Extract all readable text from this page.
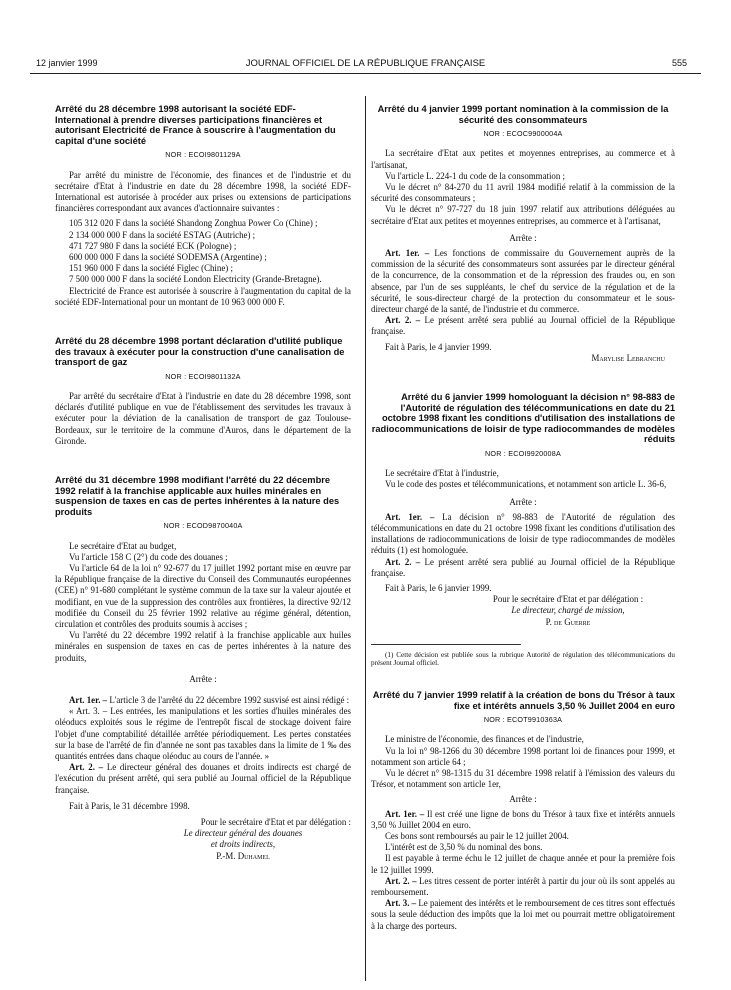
12 janvier 1999	JOURNAL OFFICIEL DE LA RÉPUBLIQUE FRANÇAISE	555
Arrêté du 28 décembre 1998 autorisant la société EDF-International à prendre diverses participations financières et autorisant Electricité de France à souscrire à l'augmentation du capital d'une société
NOR : ECOI9801129A

Par arrêté du ministre de l'économie, des finances et de l'industrie et du secrétaire d'Etat à l'industrie en date du 28 décembre 1998, la société EDF-International est autorisée à procéder aux prises ou extensions de participations financières correspondant aux avances d'actionnaire suivantes :

105 312 020 F dans la société Shandong Zonghua Power Co (Chine) ;

2 134 000 000 F dans la société ESTAG (Autriche) ;

471 727 980 F dans la société ECK (Pologne) ;

600 000 000 F dans la société SODEMSA (Argentine) ;

151 960 000 F dans la société Figlec (Chine) ;

7 500 000 000 F dans la société London Electricity (Grande-Bretagne).

Electricité de France est autorisée à souscrire à l'augmentation du capital de la société EDF-International pour un montant de 10 963 000 000 F.

Arrêté du 28 décembre 1998 portant déclaration d'utilité publique des travaux à exécuter pour la construction d'une canalisation de transport de gaz
NOR : ECOI9801132A

Par arrêté du secrétaire d'Etat à l'industrie en date du 28 décembre 1998, sont déclarés d'utilité publique en vue de l'établissement des servitudes les travaux à exécuter pour la déviation de la canalisation de transport de gaz Toulouse-Bordeaux, sur le territoire de la commune d'Auros, dans le département de la Gironde.

Arrêté du 31 décembre 1998 modifiant l'arrêté du 22 décembre 1992 relatif à la franchise applicable aux huiles minérales en suspension de taxes en cas de pertes inhérentes à la nature des produits
NOR : ECOD9870040A

Le secrétaire d'Etat au budget,

Vu l'article 158 C (2°) du code des douanes ;

Vu l'article 64 de la loi n° 92-677 du 17 juillet 1992 portant mise en œuvre par la République française de la directive du Conseil des Communautés européennes (CEE) n° 91-680 complétant le système commun de la taxe sur la valeur ajoutée et modifiant, en vue de la suppression des contrôles aux frontières, la directive 92/12 modifiée du Conseil du 25 février 1992 relative au régime général, détention, circulation et contrôles des produits soumis à accises ;

Vu l'arrêté du 22 décembre 1992 relatif à la franchise applicable aux huiles minérales en suspension de taxes en cas de pertes inhérentes à la nature des produits,

Arrête :

Art. 1er. – L'article 3 de l'arrêté du 22 décembre 1992 susvisé est ainsi rédigé :

« Art. 3. – Les entrées, les manipulations et les sorties d'huiles minérales des oléoducs exploités sous le régime de l'entrepôt fiscal de stockage doivent faire l'objet d'une comptabilité détaillée arrêtée périodiquement. Les pertes constatées sur la base de l'arrêté de fin d'année ne sont pas taxables dans la limite de 1 ‰ des quantités entrées dans chaque oléoduc au cours de l'année. »

Art. 2. – Le directeur général des douanes et droits indirects est chargé de l'exécution du présent arrêté, qui sera publié au Journal officiel de la République française.

Fait à Paris, le 31 décembre 1998.

Pour le secrétaire d'Etat et par délégation :

Le directeur général des douanes

et droits indirects,

P.-M. Duhamel

Arrêté du 4 janvier 1999 portant nomination à la commission de la sécurité des consommateurs
NOR : ECOC9900004A

La secrétaire d'Etat aux petites et moyennes entreprises, au commerce et à l'artisanat,

Vu l'article L. 224-1 du code de la consommation ;

Vu le décret n° 84-270 du 11 avril 1984 modifié relatif à la commission de la sécurité des consommateurs ;

Vu le décret n° 97-727 du 18 juin 1997 relatif aux attributions déléguées au secrétaire d'Etat aux petites et moyennes entreprises, au commerce et à l'artisanat,

Arrête :

Art. 1er. – Les fonctions de commissaire du Gouvernement auprès de la commission de la sécurité des consommateurs sont assurées par le directeur général de la concurrence, de la consommation et de la répression des fraudes ou, en son absence, par l'un de ses suppléants, le chef du service de la régulation et de la sécurité, le sous-directeur chargé de la protection du consommateur et le sous-directeur chargé de la santé, de l'industrie et du commerce.

Art. 2. – Le présent arrêté sera publié au Journal officiel de la République française.

Fait à Paris, le 4 janvier 1999.

Marylise Lebranchu

Arrêté du 6 janvier 1999 homologuant la décision n° 98-883 de l'Autorité de régulation des télécommunications en date du 21 octobre 1998 fixant les conditions d'utilisation des installations de radiocommunications de loisir de type radiocommandes de modèles réduits
NOR : ECOI9920008A

Le secrétaire d'Etat à l'industrie,

Vu le code des postes et télécommunications, et notamment son article L. 36-6,

Arrête :

Art. 1er. – La décision n° 98-883 de l'Autorité de régulation des télécommunications en date du 21 octobre 1998 fixant les conditions d'utilisation des installations de radiocommunications de loisir de type radiocommandes de modèles réduits (1) est homologuée.

Art. 2. – Le présent arrêté sera publié au Journal officiel de la République française.

Fait à Paris, le 6 janvier 1999.

Pour le secrétaire d'Etat et par délégation :

Le directeur, chargé de mission,

P. de Guerre

(1) Cette décision est publiée sous la rubrique Autorité de régulation des télécommunications du présent Journal officiel.

Arrêté du 7 janvier 1999 relatif à la création de bons du Trésor à taux fixe et intérêts annuels 3,50 % Juillet 2004 en euro
NOR : ECOT9910363A

Le ministre de l'économie, des finances et de l'industrie,

Vu la loi n° 98-1266 du 30 décembre 1998 portant loi de finances pour 1999, et notamment son article 64 ;

Vu le décret n° 98-1315 du 31 décembre 1998 relatif à l'émission des valeurs du Trésor, et notamment son article 1er,

Arrête :

Art. 1er. – Il est créé une ligne de bons du Trésor à taux fixe et intérêts annuels 3,50 % Juillet 2004 en euro.

Ces bons sont remboursés au pair le 12 juillet 2004.

L'intérêt est de 3,50 % du nominal des bons.

Il est payable à terme échu le 12 juillet de chaque année et pour la première fois le 12 juillet 1999.

Art. 2. – Les titres cessent de porter intérêt à partir du jour où ils sont appelés au remboursement.

Art. 3. – Le paiement des intérêts et le remboursement de ces titres sont effectués sous la seule déduction des impôts que la loi met ou pourrait mettre obligatoirement à la charge des porteurs.
